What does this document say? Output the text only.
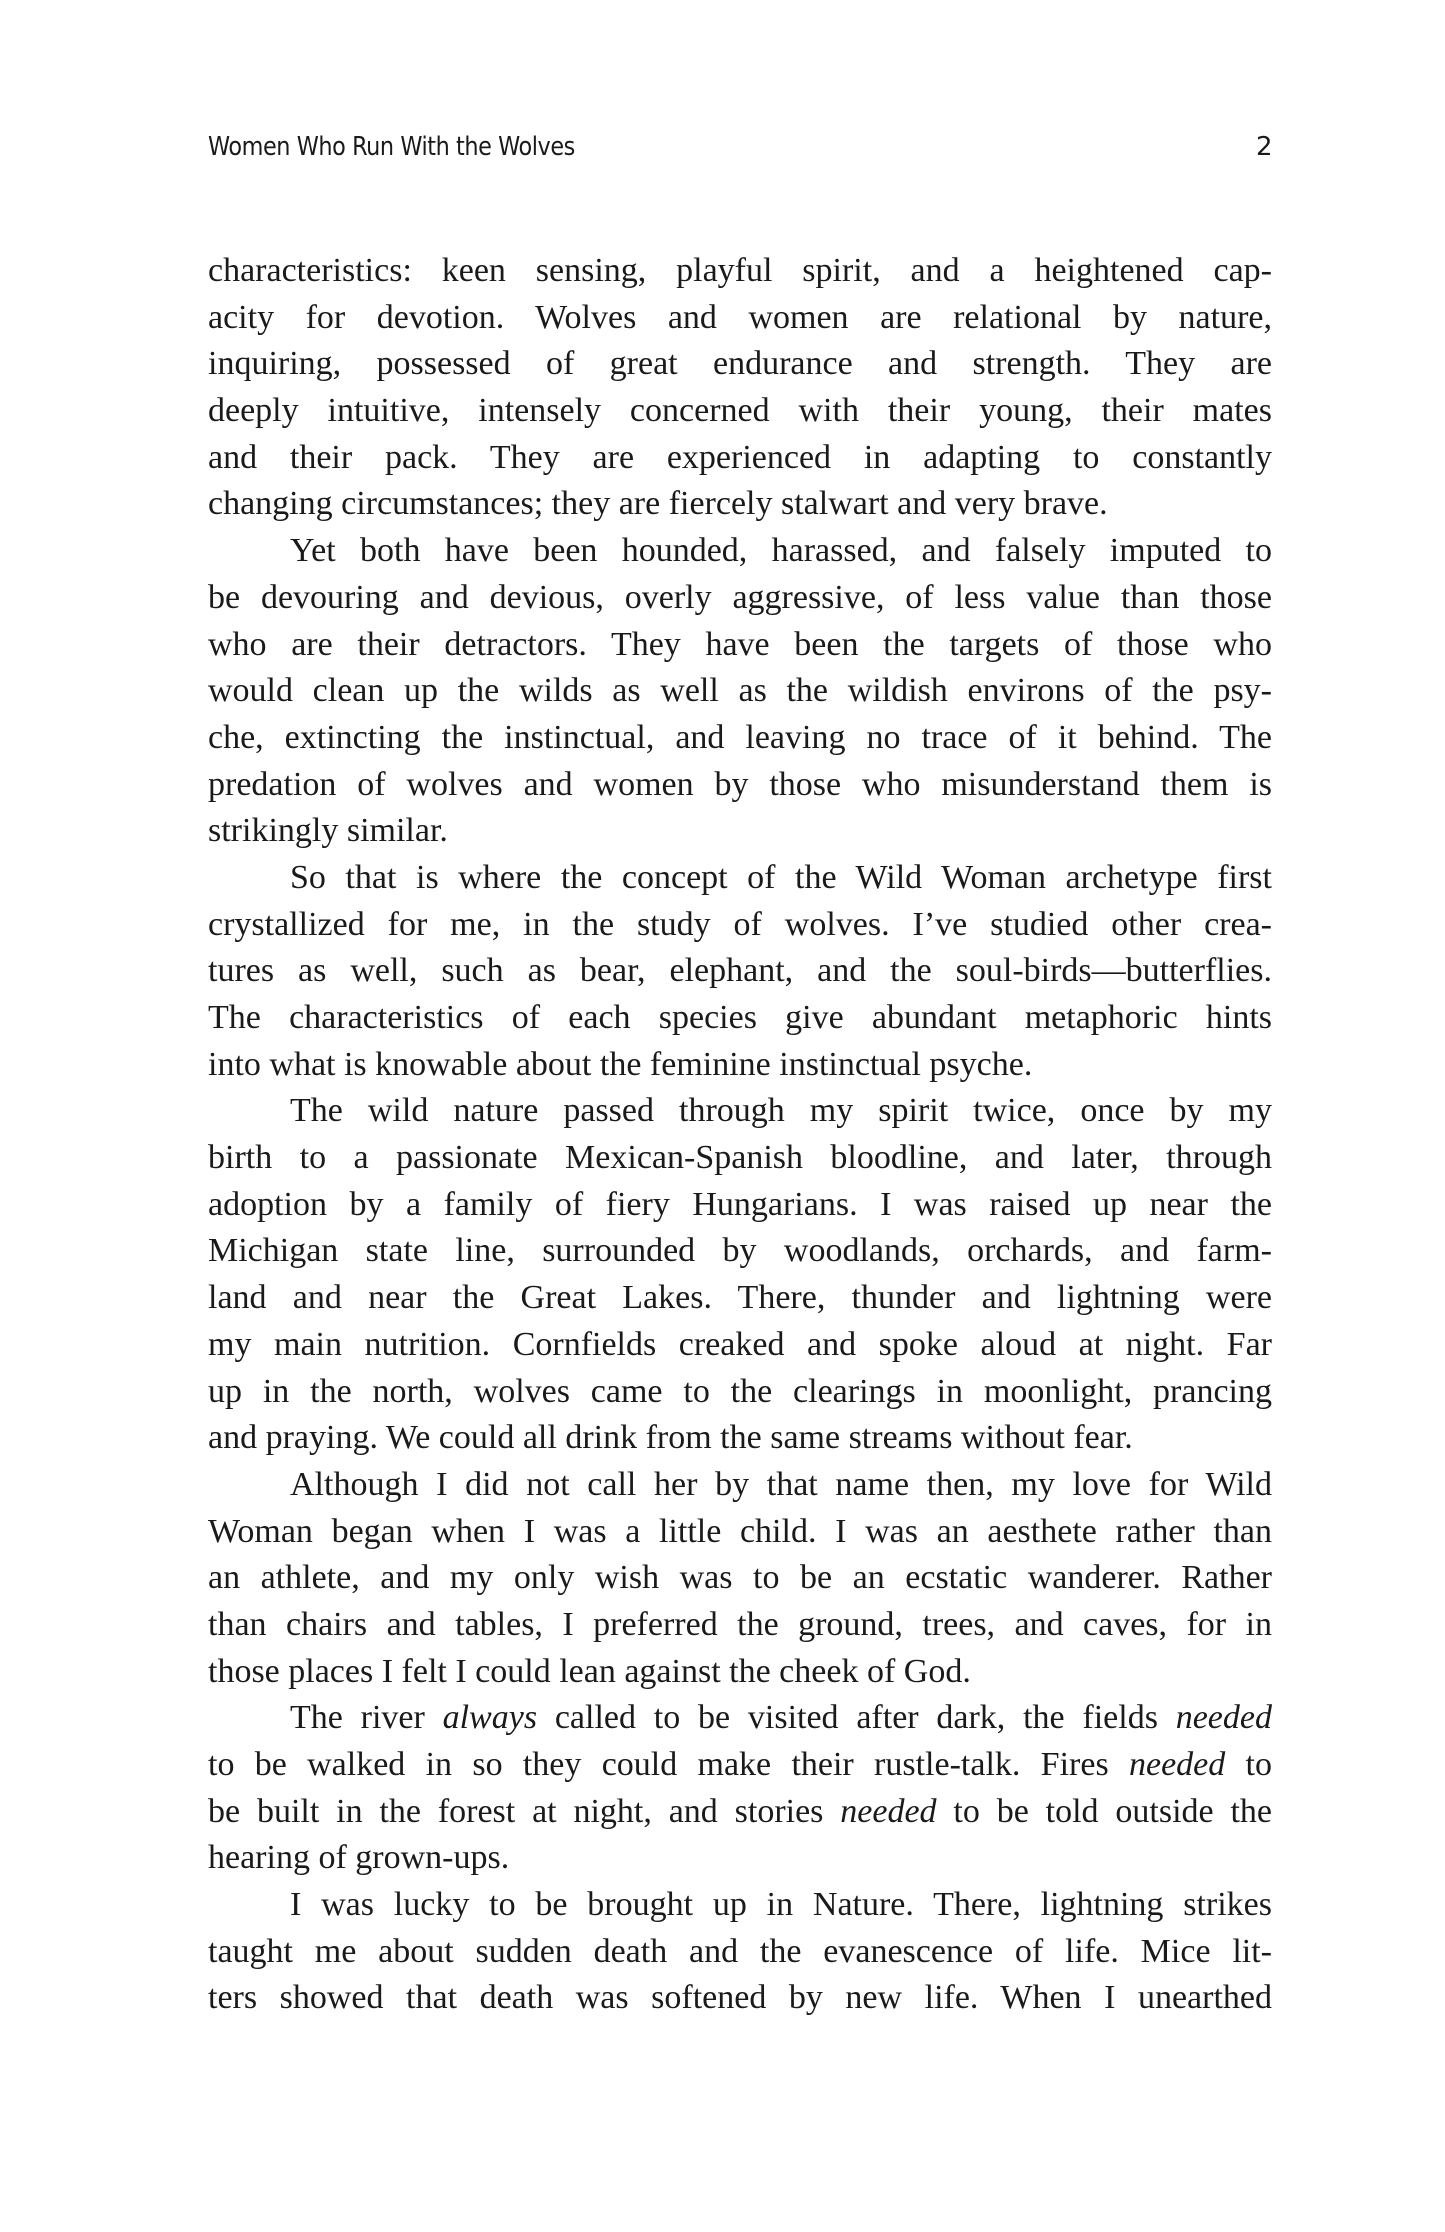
Women Who Run With the Wolves	2
characteristics: keen sensing, playful spirit, and a heightened cap-
acity for devotion. Wolves and women are relational by nature,
inquiring, possessed of great endurance and strength. They are
deeply intuitive, intensely concerned with their young, their mates
and their pack. They are experienced in adapting to constantly
changing circumstances; they are fiercely stalwart and very brave.
Yet both have been hounded, harassed, and falsely imputed to
be devouring and devious, overly aggressive, of less value than those
who are their detractors. They have been the targets of those who
would clean up the wilds as well as the wildish environs of the psy-
che, extincting the instinctual, and leaving no trace of it behind. The
predation of wolves and women by those who misunderstand them is
strikingly similar.
So that is where the concept of the Wild Woman archetype first
crystallized for me, in the study of wolves. I’ve studied other crea-
tures as well, such as bear, elephant, and the soul-birds—butterflies.
The characteristics of each species give abundant metaphoric hints
into what is knowable about the feminine instinctual psyche.
The wild nature passed through my spirit twice, once by my
birth to a passionate Mexican-Spanish bloodline, and later, through
adoption by a family of fiery Hungarians. I was raised up near the
Michigan state line, surrounded by woodlands, orchards, and farm-
land and near the Great Lakes. There, thunder and lightning were
my main nutrition. Cornfields creaked and spoke aloud at night. Far
up in the north, wolves came to the clearings in moonlight, prancing
and praying. We could all drink from the same streams without fear.
Although I did not call her by that name then, my love for Wild
Woman began when I was a little child. I was an aesthete rather than
an athlete, and my only wish was to be an ecstatic wanderer. Rather
than chairs and tables, I preferred the ground, trees, and caves, for in
those places I felt I could lean against the cheek of God.
The river always called to be visited after dark, the fields needed
to be walked in so they could make their rustle-talk. Fires needed to
be built in the forest at night, and stories needed to be told outside the
hearing of grown-ups.
I was lucky to be brought up in Nature. There, lightning strikes
taught me about sudden death and the evanescence of life. Mice lit-
ters showed that death was softened by new life. When I unearthed
